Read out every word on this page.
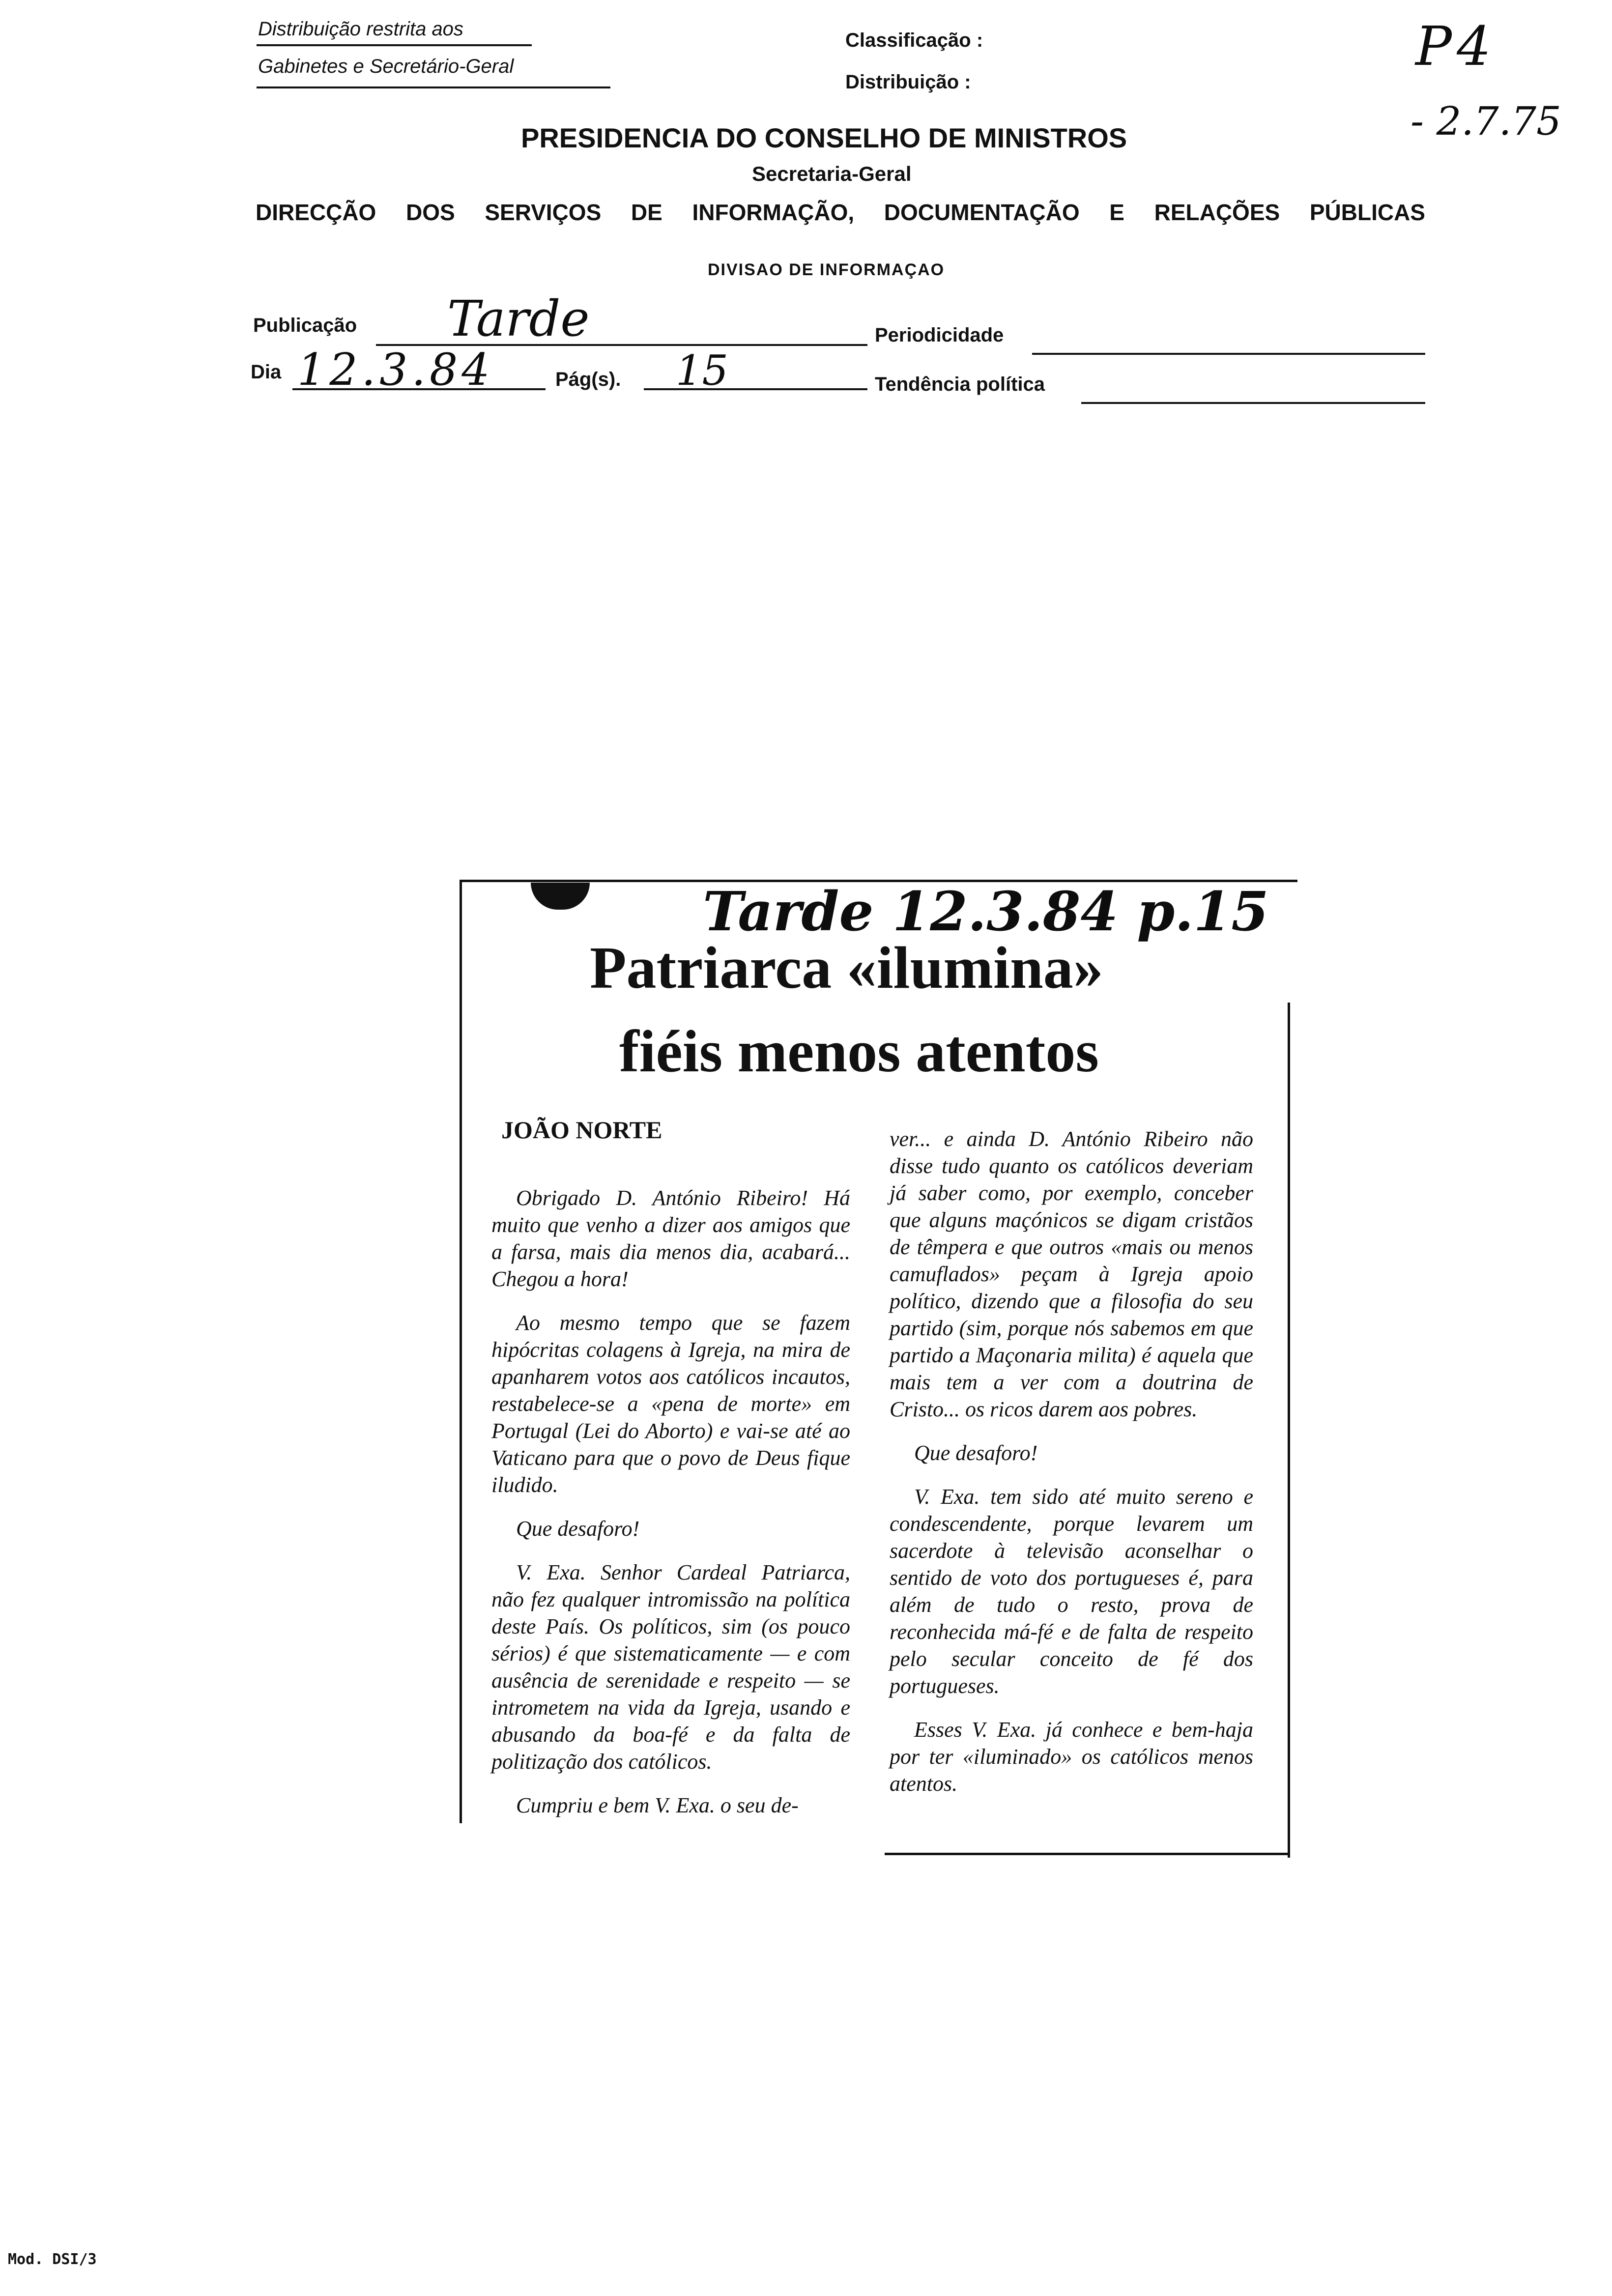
Distribuição restrita aos
Gabinetes e Secretário-Geral
Classificação :
Distribuição :
P4
- 2.7.75
PRESIDENCIA DO CONSELHO DE MINISTROS
Secretaria-Geral
DIRECÇÃO DOS SERVIÇOS DE INFORMAÇÃO, DOCUMENTAÇÃO E RELAÇÕES PÚBLICAS
DIVISAO DE INFORMAÇAO
Publicação Tarde	Periodicidade
Dia 12.3.84	Pág(s). 15	Tendência política
Tarde 12.3.84 p.15
Patriarca «ilumina»
fiéis menos atentos
JOÃO NORTE

Obrigado D. António Ribeiro! Há muito que venho a dizer aos amigos que a farsa, mais dia menos dia, acabará... Chegou a hora!

Ao mesmo tempo que se fazem hipócritas colagens à Igreja, na mira de apanharem votos aos católicos incautos, restabelece-se a «pena de morte» em Portugal (Lei do Aborto) e vai-se até ao Vaticano para que o povo de Deus fique iludido.

Que desaforo!

V. Exa. Senhor Cardeal Patriarca, não fez qualquer intromissão na política deste País. Os políticos, sim (os pouco sérios) é que sistematicamente — e com ausência de serenidade e respeito — se intrometem na vida da Igreja, usando e abusando da boa-fé e da falta de politização dos católicos.

Cumpriu e bem V. Exa. o seu de-

ver... e ainda D. António Ribeiro não disse tudo quanto os católicos deveriam já saber como, por exemplo, conceber que alguns maçónicos se digam cristãos de têmpera e que outros «mais ou menos camuflados» peçam à Igreja apoio político, dizendo que a filosofia do seu partido (sim, porque nós sabemos em que partido a Maçonaria milita) é aquela que mais tem a ver com a doutrina de Cristo... os ricos darem aos pobres.

Que desaforo!

V. Exa. tem sido até muito sereno e condescendente, porque levarem um sacerdote à televisão aconselhar o sentido de voto dos portugueses é, para além de tudo o resto, prova de reconhecida má-fé e de falta de respeito pelo secular conceito de fé dos portugueses.

Esses V. Exa. já conhece e bem-haja por ter «iluminado» os católicos menos atentos.

Mod. DSI/3
